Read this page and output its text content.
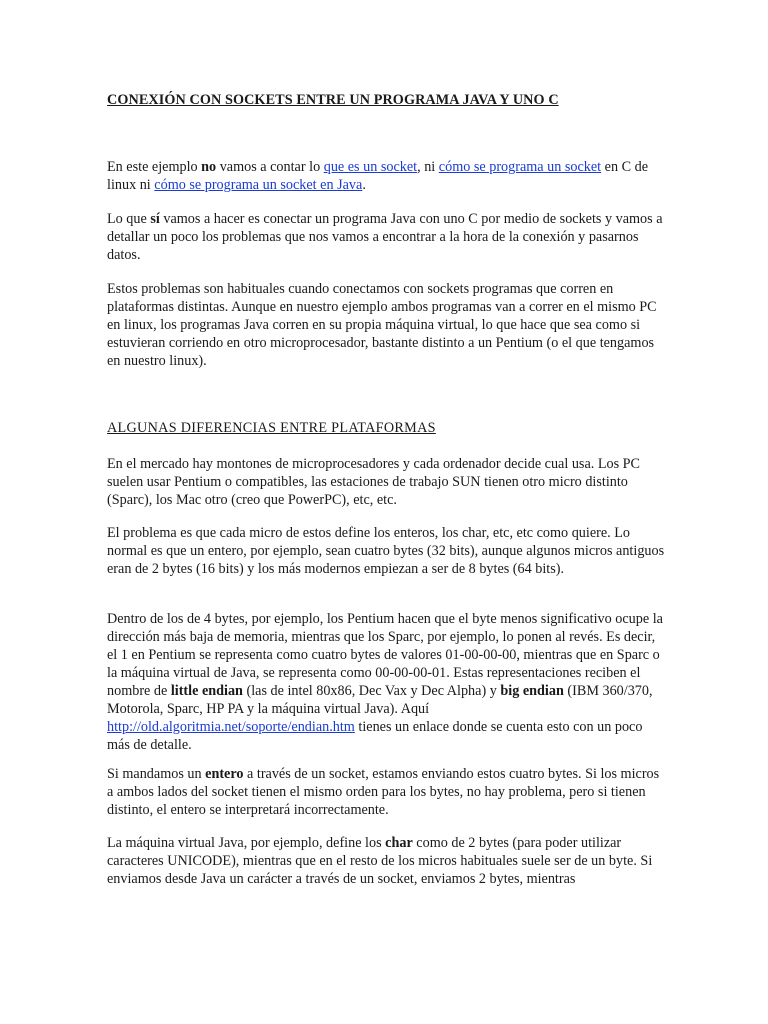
CONEXIÓN CON SOCKETS ENTRE UN PROGRAMA JAVA Y UNO C

En este ejemplo no vamos a contar lo que es un socket, ni cómo se programa un socket en C de linux ni cómo se programa un socket en Java.

Lo que sí vamos a hacer es conectar un programa Java con uno C por medio de sockets y vamos a detallar un poco los problemas que nos vamos a encontrar a la hora de la conexión y pasarnos datos.

Estos problemas son habituales cuando conectamos con sockets programas que corren en plataformas distintas. Aunque en nuestro ejemplo ambos programas van a correr en el mismo PC en linux, los programas Java corren en su propia máquina virtual, lo que hace que sea como si estuvieran corriendo en otro microprocesador, bastante distinto a un Pentium (o el que tengamos en nuestro linux).

ALGUNAS DIFERENCIAS ENTRE PLATAFORMAS

En el mercado hay montones de microprocesadores y cada ordenador decide cual usa. Los PC suelen usar Pentium o compatibles, las estaciones de trabajo SUN tienen otro micro distinto (Sparc), los Mac otro (creo que PowerPC), etc, etc.

El problema es que cada micro de estos define los enteros, los char, etc, etc como quiere. Lo normal es que un entero, por ejemplo, sean cuatro bytes (32 bits), aunque algunos micros antiguos eran de 2 bytes (16 bits) y los más modernos empiezan a ser de 8 bytes (64 bits).

Dentro de los de 4 bytes, por ejemplo, los Pentium hacen que el byte menos significativo ocupe la dirección más baja de memoria, mientras que los Sparc, por ejemplo, lo ponen al revés. Es decir, el 1 en Pentium se representa como cuatro bytes de valores 01-00-00-00, mientras que en Sparc o la máquina virtual de Java, se representa como 00-00-00-01. Estas representaciones reciben el nombre de little endian (las de intel 80x86, Dec Vax y Dec Alpha) y big endian (IBM 360/370, Motorola, Sparc, HP PA y la máquina virtual Java). Aquí http://old.algoritmia.net/soporte/endian.htm tienes un enlace donde se cuenta esto con un poco más de detalle.

Si mandamos un entero a través de un socket, estamos enviando estos cuatro bytes. Si los micros a ambos lados del socket tienen el mismo orden para los bytes, no hay problema, pero si tienen distinto, el entero se interpretará incorrectamente.

La máquina virtual Java, por ejemplo, define los char como de 2 bytes (para poder utilizar caracteres UNICODE), mientras que en el resto de los micros habituales suele ser de un byte. Si enviamos desde Java un carácter a través de un socket, enviamos 2 bytes, mientras
